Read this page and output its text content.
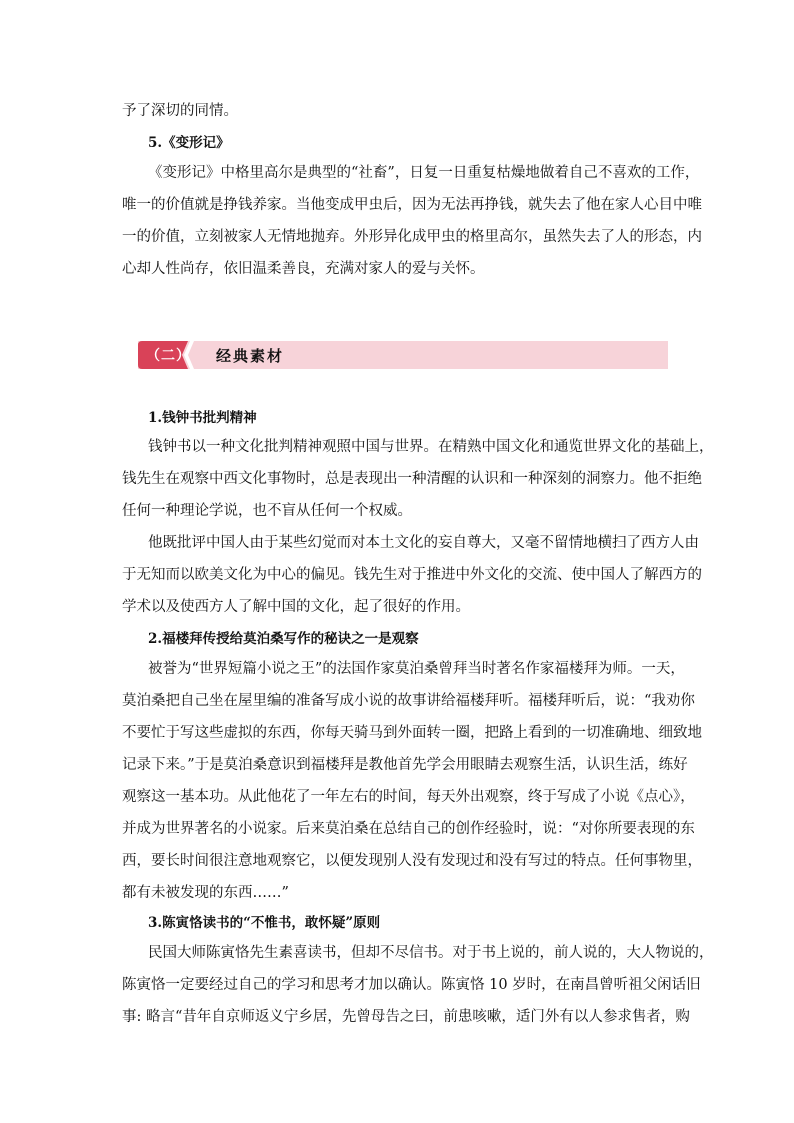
予了深切的同情。
5.《变形记》
《变形记》中格里高尔是典型的“社畜”，日复一日重复枯燥地做着自己不喜欢的工作，
唯一的价值就是挣钱养家。当他变成甲虫后，因为无法再挣钱，就失去了他在家人心目中唯
一的价值，立刻被家人无情地抛弃。外形异化成甲虫的格里高尔，虽然失去了人的形态，内
心却人性尚存，依旧温柔善良，充满对家人的爱与关怀。
（二） 经典素材
1.钱钟书批判精神
钱钟书以一种文化批判精神观照中国与世界。在精熟中国文化和通览世界文化的基础上，
钱先生在观察中西文化事物时，总是表现出一种清醒的认识和一种深刻的洞察力。他不拒绝
任何一种理论学说，也不盲从任何一个权威。
他既批评中国人由于某些幻觉而对本土文化的妄自尊大，又毫不留情地横扫了西方人由
于无知而以欧美文化为中心的偏见。钱先生对于推进中外文化的交流、使中国人了解西方的
学术以及使西方人了解中国的文化，起了很好的作用。
2.福楼拜传授给莫泊桑写作的秘诀之一是观察
被誉为“世界短篇小说之王”的法国作家莫泊桑曾拜当时著名作家福楼拜为师。一天，
莫泊桑把自己坐在屋里编的准备写成小说的故事讲给福楼拜听。福楼拜听后，说：“我劝你
不要忙于写这些虚拟的东西，你每天骑马到外面转一圈，把路上看到的一切准确地、细致地
记录下来。”于是莫泊桑意识到福楼拜是教他首先学会用眼睛去观察生活，认识生活，练好
观察这一基本功。从此他花了一年左右的时间，每天外出观察，终于写成了小说《点心》，
并成为世界著名的小说家。后来莫泊桑在总结自己的创作经验时，说：“对你所要表现的东
西，要长时间很注意地观察它，以便发现别人没有发现过和没有写过的特点。任何事物里，
都有未被发现的东西……”
3.陈寅恪读书的“不惟书，敢怀疑”原则
民国大师陈寅恪先生素喜读书，但却不尽信书。对于书上说的，前人说的，大人物说的，
陈寅恪一定要经过自己的学习和思考才加以确认。陈寅恪 10 岁时，在南昌曾听祖父闲话旧
事: 略言“昔年自京师返义宁乡居，先曾母告之曰，前患咳嗽，适门外有以人参求售者，购
